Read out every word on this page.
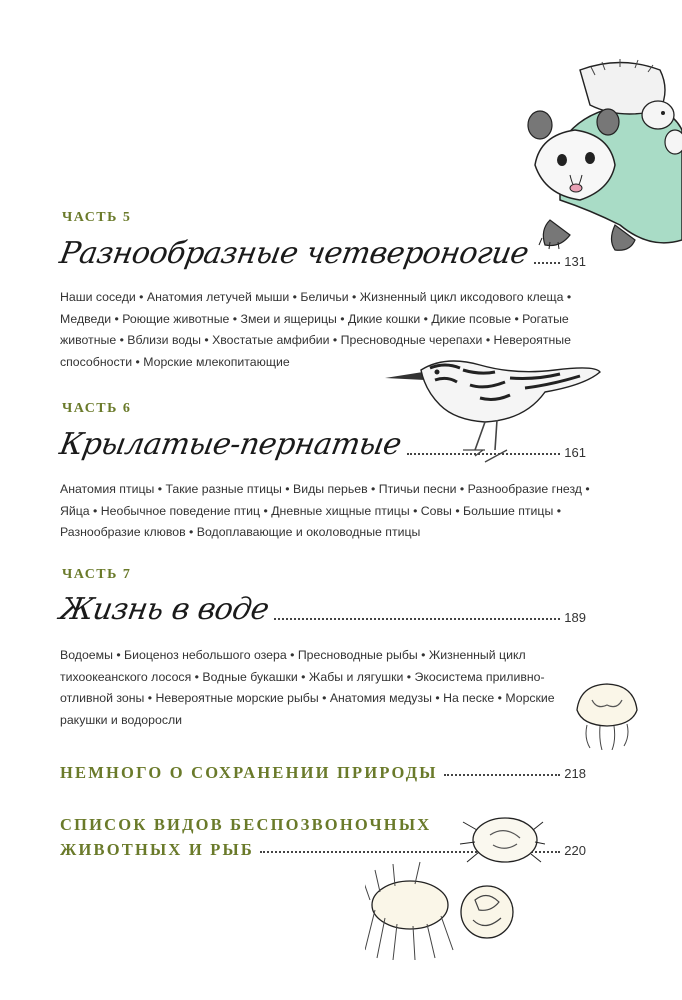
ЧАСТЬ 5
Разнообразные четвероногие	131
Наши соседи • Анатомия летучей мыши • Беличьи • Жизненный цикл иксодового клеща • Медведи • Роющие животные • Змеи и ящерицы • Дикие кошки • Дикие псовые • Рогатые животные • Вблизи воды • Хвостатые амфибии • Пресноводные черепахи • Невероятные способности • Морские млекопитающие
ЧАСТЬ 6
Крылатые-пернатые	161
Анатомия птицы • Такие разные птицы • Виды перьев • Птичьи песни • Разнообразие гнезд • Яйца • Необычное поведение птиц • Дневные хищные птицы • Совы • Большие птицы • Разнообразие клювов • Водоплавающие и околоводные птицы
ЧАСТЬ 7
Жизнь в воде	189
Водоемы • Биоценоз небольшого озера • Пресноводные рыбы • Жизненный цикл тихоокеанского лосося • Водные букашки • Жабы и лягушки • Экосистема приливно-отливной зоны • Невероятные морские рыбы • Анатомия медузы • На песке • Морские ракушки и водоросли
НЕМНОГО О СОХРАНЕНИИ ПРИРОДЫ	218
СПИСОК ВИДОВ БЕСПОЗВОНОЧНЫХ
ЖИВОТНЫХ И РЫБ	220
